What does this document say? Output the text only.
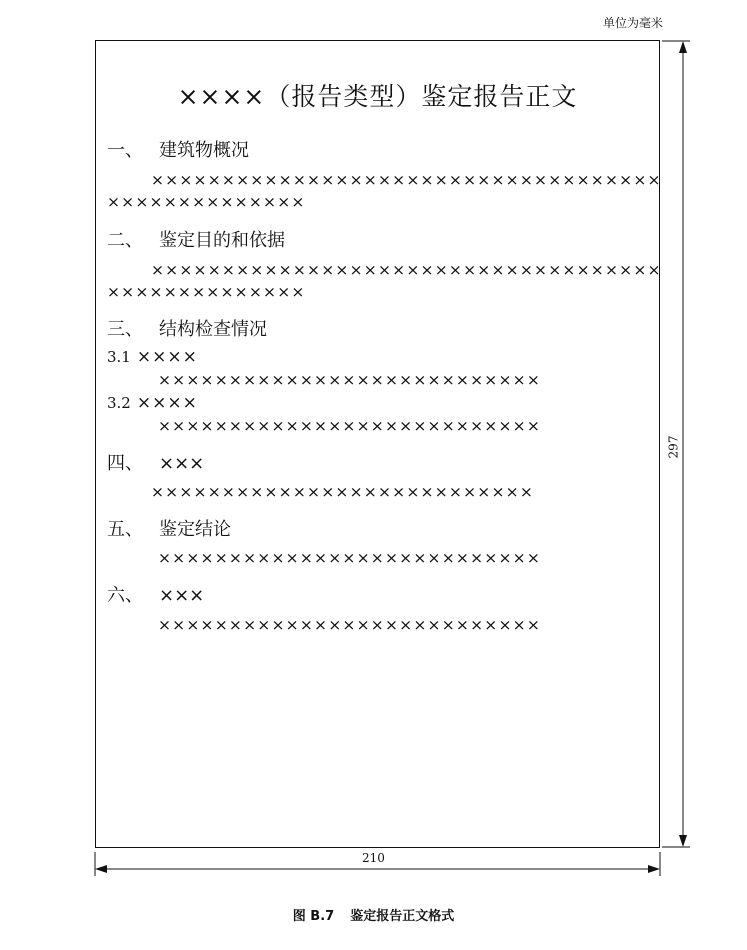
单位为毫米
××××（报告类型）鉴定报告正文
一、 建筑物概况
××××××××××××××××××××××××××××××××××××
××××××××××××××
二、 鉴定目的和依据
××××××××××××××××××××××××××××××××××××
××××××××××××××
三、 结构检查情况
3.1 ××××
×××××××××××××××××××××××××××
3.2 ××××
×××××××××××××××××××××××××××
四、 ×××
×××××××××××××××××××××××××××
五、 鉴定结论
×××××××××××××××××××××××××××
六、 ×××
×××××××××××××××××××××××××××
210
297
图 B.7 鉴定报告正文格式
